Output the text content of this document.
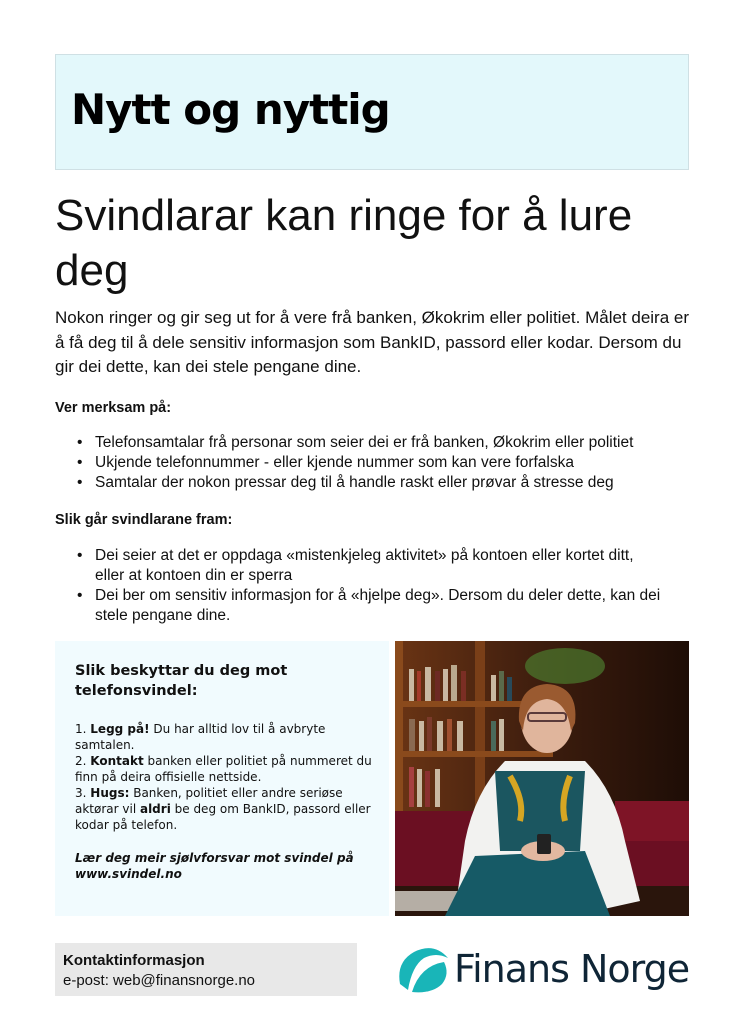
Nytt og nyttig
Svindlarar kan ringe for å lure deg

Nokon ringer og gir seg ut for å vere frå banken, Økokrim eller politiet. Målet deira er å få deg til å dele sensitiv informasjon som BankID, passord eller kodar. Dersom du gir dei dette, kan dei stele pengane dine.

Ver merksam på:

• Telefonsamtalar frå personar som seier dei er frå banken, Økokrim eller politiet
• Ukjende telefonnummer - eller kjende nummer som kan vere forfalska
• Samtalar der nokon pressar deg til å handle raskt eller prøvar å stresse deg

Slik går svindlarane fram:

• Dei seier at det er oppdaga «mistenkjeleg aktivitet» på kontoen eller kortet ditt, eller at kontoen din er sperra
• Dei ber om sensitiv informasjon for å «hjelpe deg». Dersom du deler dette, kan dei stele pengane dine.

Slik beskyttar du deg mot telefonsvindel:

1. Legg på! Du har alltid lov til å avbryte samtalen.

2. Kontakt banken eller politiet på nummeret du finn på deira offisielle nettside.

3. Hugs: Banken, politiet eller andre seriøse aktørar vil aldri be deg om BankID, passord eller kodar på telefon.

Lær deg meir sjølvforsvar mot svindel på www.svindel.no

Kontaktinformasjon

e-post: web@finansnorge.no	Finans Norge
